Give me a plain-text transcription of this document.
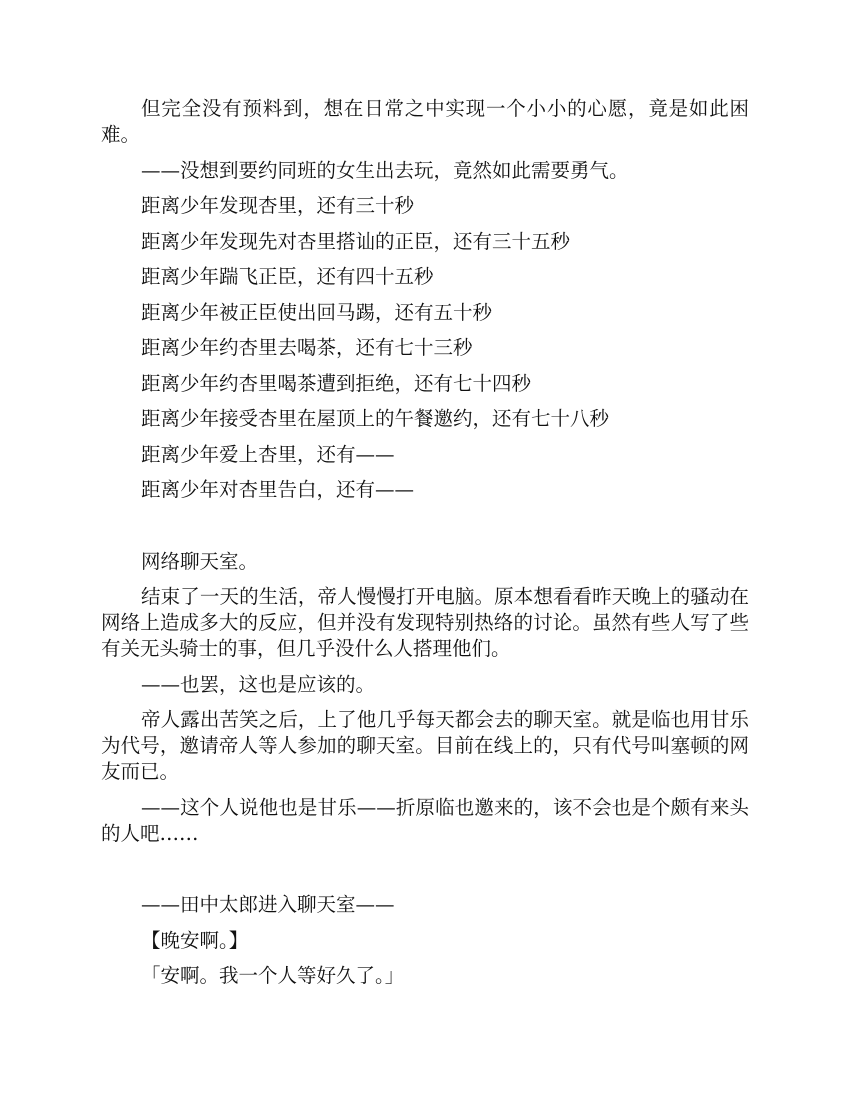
但完全没有预料到，想在日常之中实现一个小小的心愿，竟是如此困难。

——没想到要约同班的女生出去玩，竟然如此需要勇气。

距离少年发现杏里，还有三十秒

距离少年发现先对杏里搭讪的正臣，还有三十五秒

距离少年踹飞正臣，还有四十五秒

距离少年被正臣使出回马踢，还有五十秒

距离少年约杏里去喝茶，还有七十三秒

距离少年约杏里喝茶遭到拒绝，还有七十四秒

距离少年接受杏里在屋顶上的午餐邀约，还有七十八秒

距离少年爱上杏里，还有——

距离少年对杏里告白，还有——

网络聊天室。

结束了一天的生活，帝人慢慢打开电脑。原本想看看昨天晚上的骚动在网络上造成多大的反应，但并没有发现特别热络的讨论。虽然有些人写了些有关无头骑士的事，但几乎没什么人搭理他们。

——也罢，这也是应该的。

帝人露出苦笑之后，上了他几乎每天都会去的聊天室。就是临也用甘乐为代号，邀请帝人等人参加的聊天室。目前在线上的，只有代号叫塞顿的网友而已。

——这个人说他也是甘乐——折原临也邀来的，该不会也是个颇有来头的人吧……

——田中太郎进入聊天室——

【晚安啊。】

「安啊。我一个人等好久了。」
